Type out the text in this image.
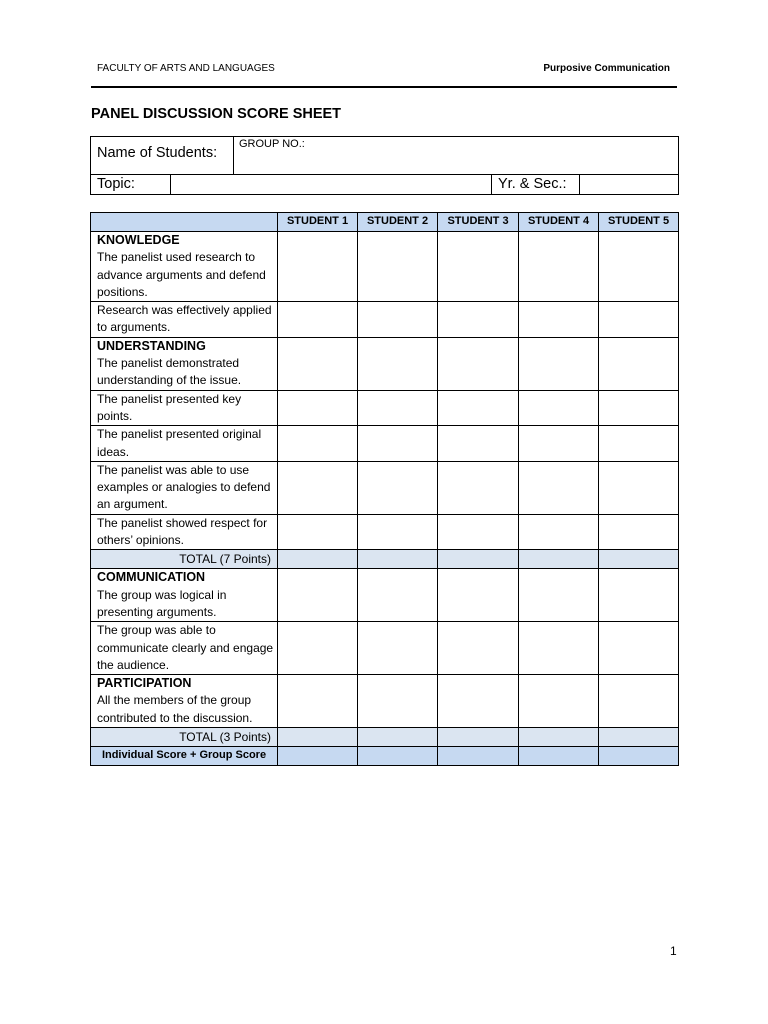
FACULTY OF ARTS AND LANGUAGES	Purposive Communication
PANEL DISCUSSION SCORE SHEET
Name of Students:		GROUP NO.:		
Topic:			Yr. & Sec.:	
	STUDENT 1	STUDENT 2	STUDENT 3	STUDENT 4	STUDENT 5

KNOWLEDGE
The panelist used research to advance arguments and defend positions.					
Research was effectively applied to arguments.					

UNDERSTANDING
The panelist demonstrated understanding of the issue.					
The panelist presented key points.					
The panelist presented original ideas.					
The panelist was able to use examples or analogies to defend an argument.					
The panelist showed respect for others’ opinions.					
TOTAL (7 Points)					

COMMUNICATION
The group was logical in presenting arguments.					
The group was able to communicate clearly and engage the audience.					

PARTICIPATION
All the members of the group contributed to the discussion.					
TOTAL (3 Points)					
Individual Score + Group Score					
1
